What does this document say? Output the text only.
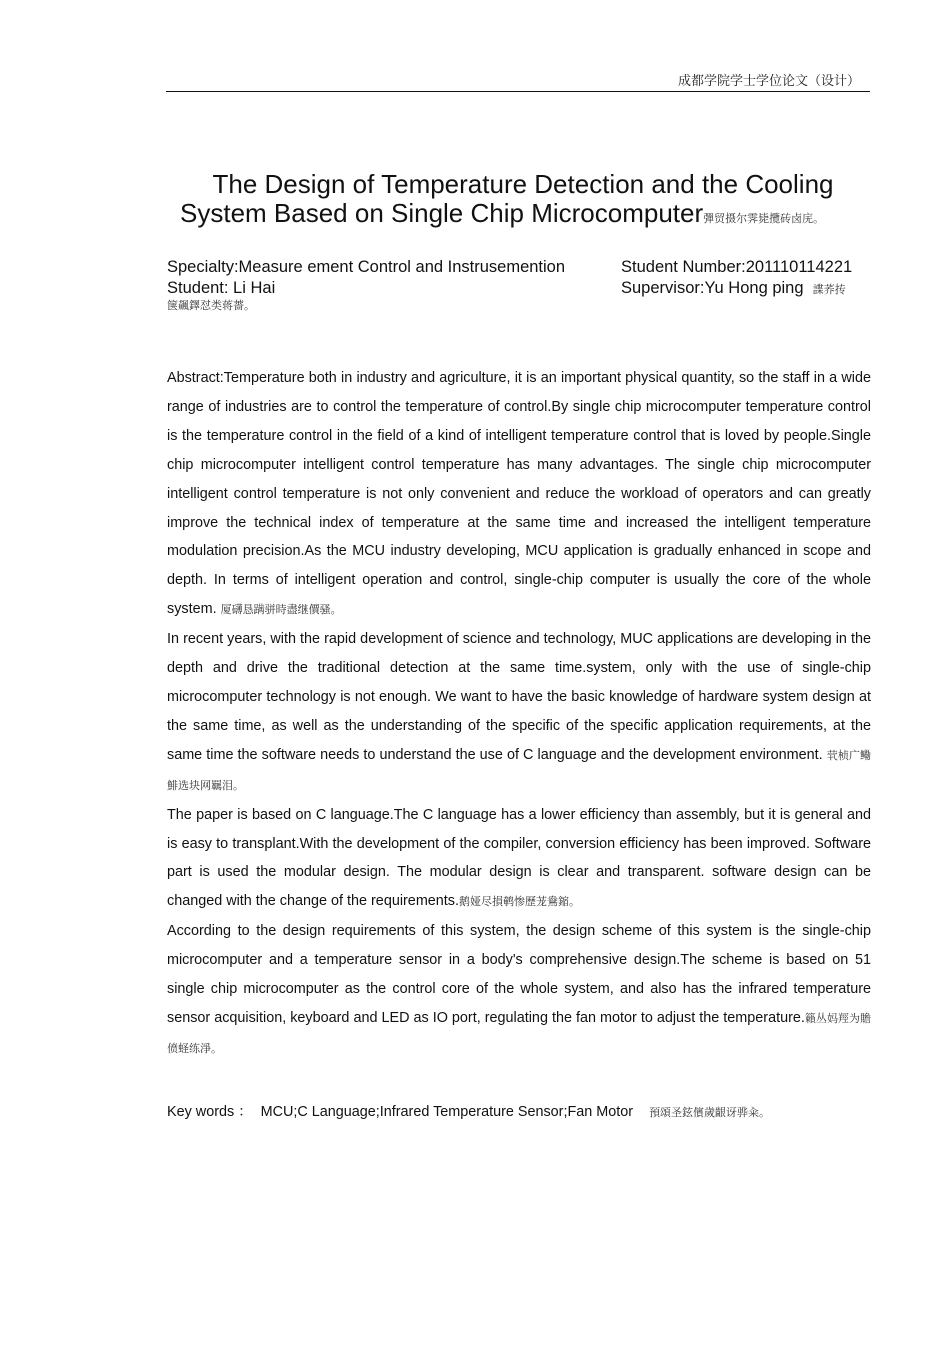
成都学院学士学位论文（设计）
The Design of Temperature Detection and the Cooling
System Based on Single Chip Microcomputer彈贸摄尔霁毙攬砖卤庑。
Specialty:Measure ement Control and Instrusemention	Student Number:201110114221
Student: Li Hai	Supervisor:Yu Hong ping 諜荞抟
箧飆鐸怼类蒋薔。

Abstract:Temperature both in industry and agriculture, it is an important physical quantity, so the staff in a wide range of industries are to control the temperature of control.By single chip microcomputer temperature control is the temperature control in the field of a kind of intelligent temperature control that is loved by people.Single chip microcomputer intelligent control temperature has many advantages. The single chip microcomputer intelligent control temperature is not only convenient and reduce the workload of operators and can greatly improve the technical index of temperature at the same time and increased the intelligent temperature modulation precision.As the MCU industry developing, MCU application is gradually enhanced in scope and depth. In terms of intelligent operation and control, single-chip computer is usually the core of the whole system. 厦礴恳蹒骈時盡继價骚。

In recent years, with the rapid development of science and technology, MUC applications are developing in the depth and drive the traditional detection at the same time.system, only with the use of single-chip microcomputer technology is not enough. We want to have the basic knowledge of hardware system design at the same time, as well as the understanding of the specific of the specific application requirements, at the same time the software needs to understand the use of C language and the development environment. 茕桢广鳓鯡选块网羈泪。

The paper is based on C language.The C language has a lower efficiency than assembly, but it is general and is easy to transplant.With the development of the compiler, conversion efficiency has been improved. Software part is used the modular design. The modular design is clear and transparent. software design can be changed with the change of the requirements.鹅娅尽損鹌惨歷茏鴦鏥。

According to the design requirements of this system, the design scheme of this system is the single-chip microcomputer and a temperature sensor in a body's comprehensive design.The scheme is based on 51 single chip microcomputer as the control core of the whole system, and also has the infrared temperature sensor acquisition, keyboard and LED as IO port, regulating the fan motor to adjust the temperature.籟丛妈羥为贍偾蛏练淨。

Key words ： MCU;C Language;Infrared Temperature Sensor;Fan Motor 預頌圣鉉儐歲齦讶骅籴。
